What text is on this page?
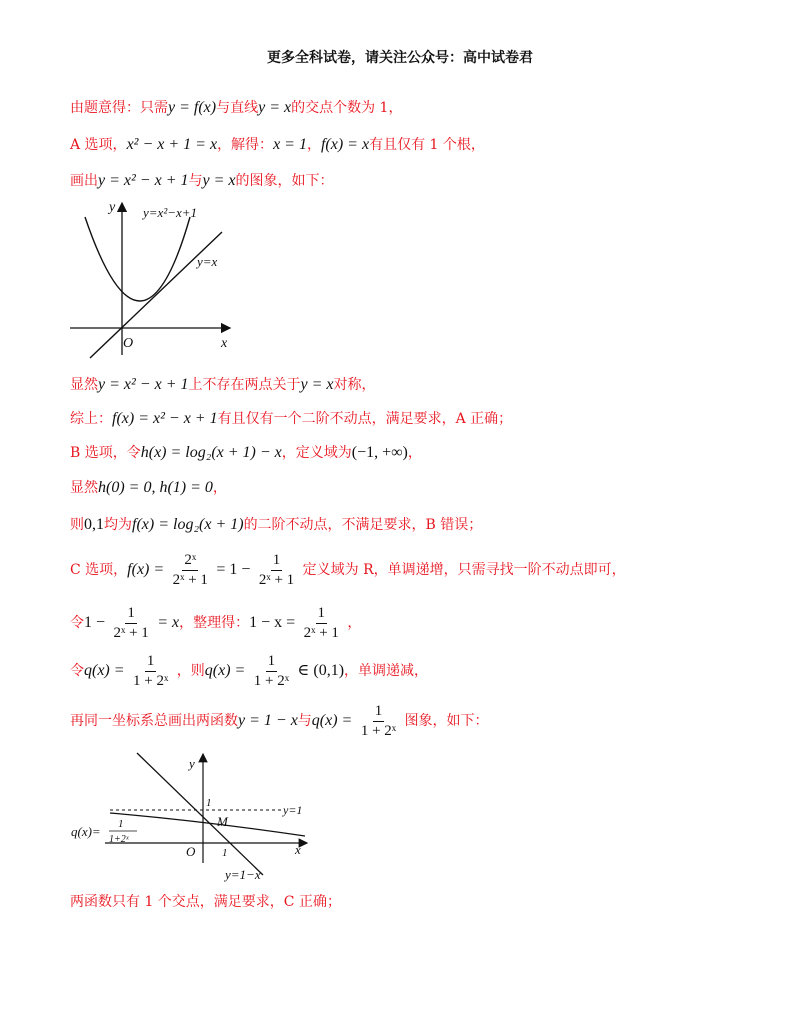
更多全科试卷，请关注公众号：高中试卷君
由题意得：只需y = f(x)与直线y = x的交点个数为 1，
A 选项，x² − x + 1 = x，解得：x = 1，f(x) = x有且仅有 1 个根，
画出y = x² − x + 1与y = x的图象，如下：
y y=x²−x+1
y=x
O	x
显然y = x² − x + 1上不存在两点关于y = x对称，
综上：f(x) = x² − x + 1有且仅有一个二阶不动点，满足要求，A 正确；
B 选项，令h(x) = log₂(x + 1) − x，定义域为(−1, +∞)，
显然h(0) = 0, h(1) = 0，
则0,1均为f(x) = log₂(x + 1)的二阶不动点，不满足要求，B 错误；
C 选项，$f(x) = \frac{\text{2ˣ}}{\text{2ˣ + 1}} = 1 - \frac{1}{\text{2ˣ + 1}}$ 定义域为 R，单调递增，只需寻找一阶不动点即可，
令$1 - \frac{1}{\text{2ˣ + 1}} = x$，整理得：$1 - x = \frac{1}{\text{2ˣ + 1}}$ ，
令$q(x) = \frac{1}{\text{1 + 2ˣ}}$ ，则$q(x) = \frac{1}{\text{1 + 2ˣ}}$ ∈ (0,1)，单调递减，
再同一坐标系总画出两函数y = 1 − x与$q(x) = \frac{1}{\text{1 + 2ˣ}}$ 图象，如下：
y
1	y=1
M
q(x)= 1
1+2ˣ
O 1	x
y=1−x
两函数只有 1 个交点，满足要求，C 正确；
